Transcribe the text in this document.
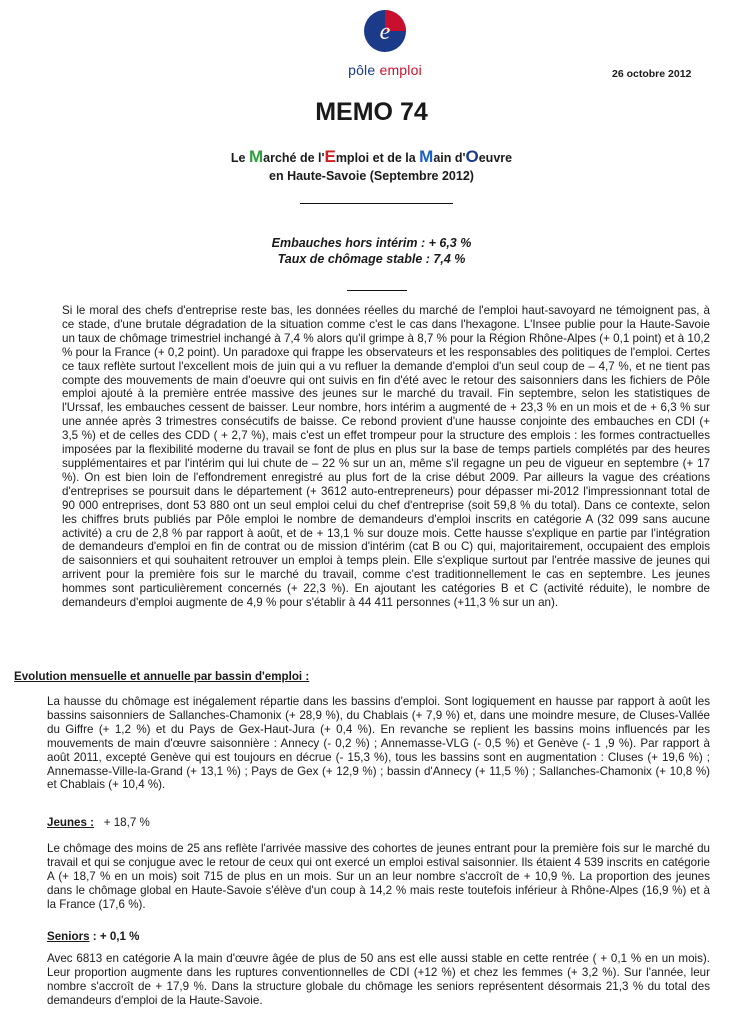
e
pôle emploi	26 octobre 2012
MEMO 74
Le Marché de l'Emploi et de la Main d'Oeuvre
en Haute-Savoie (Septembre 2012)
Embauches hors intérim : + 6,3 %
Taux de chômage stable : 7,4 %

Si le moral des chefs d'entreprise reste bas, les données réelles du marché de l'emploi haut-savoyard ne témoignent pas, à ce stade, d'une brutale dégradation de la situation comme c'est le cas dans l'hexagone. L'Insee publie pour la Haute-Savoie un taux de chômage trimestriel inchangé à 7,4 % alors qu'il grimpe à 8,7 % pour la Région Rhône-Alpes (+ 0,1 point) et à 10,2 % pour la France (+ 0,2 point). Un paradoxe qui frappe les observateurs et les responsables des politiques de l'emploi. Certes ce taux reflète surtout l'excellent mois de juin qui a vu refluer la demande d'emploi d'un seul coup de – 4,7 %, et ne tient pas compte des mouvements de main d'oeuvre qui ont suivis en fin d'été avec le retour des saisonniers dans les fichiers de Pôle emploi ajouté à la première entrée massive des jeunes sur le marché du travail. Fin septembre, selon les statistiques de l'Urssaf, les embauches cessent de baisser. Leur nombre, hors intérim a augmenté de + 23,3 % en un mois et de + 6,3 % sur une année après 3 trimestres consécutifs de baisse. Ce rebond provient d'une hausse conjointe des embauches en CDI (+ 3,5 %) et de celles des CDD ( + 2,7 %), mais c'est un effet trompeur pour la structure des emplois : les formes contractuelles imposées par la flexibilité moderne du travail se font de plus en plus sur la base de temps partiels complétés par des heures supplémentaires et par l'intérim qui lui chute de – 22 % sur un an, même s'il regagne un peu de vigueur en septembre (+ 17 %). On est bien loin de l'effondrement enregistré au plus fort de la crise début 2009. Par ailleurs la vague des créations d'entreprises se poursuit dans le département (+ 3612 auto-entrepreneurs) pour dépasser mi-2012 l'impressionnant total de 90 000 entreprises, dont 53 880 ont un seul emploi celui du chef d'entreprise (soit 59,8 % du total). Dans ce contexte, selon les chiffres bruts publiés par Pôle emploi le nombre de demandeurs d'emploi inscrits en catégorie A (32 099 sans aucune activité) a cru de 2,8 % par rapport à août, et de + 13,1 % sur douze mois. Cette hausse s'explique en partie par l'intégration de demandeurs d'emploi en fin de contrat ou de mission d'intérim (cat B ou C) qui, majoritairement, occupaient des emplois de saisonniers et qui souhaitent retrouver un emploi à temps plein. Elle s'explique surtout par l'entrée massive de jeunes qui arrivent pour la première fois sur le marché du travail, comme c'est traditionnellement le cas en septembre. Les jeunes hommes sont particulièrement concernés (+ 22,3 %). En ajoutant les catégories B et C (activité réduite), le nombre de demandeurs d'emploi augmente de 4,9 % pour s'établir à 44 411 personnes (+11,3 % sur un an).

Evolution mensuelle et annuelle par bassin d'emploi :

La hausse du chômage est inégalement répartie dans les bassins d'emploi. Sont logiquement en hausse par rapport à août les bassins saisonniers de Sallanches-Chamonix (+ 28,9 %), du Chablais (+ 7,9 %) et, dans une moindre mesure, de Cluses-Vallée du Giffre (+ 1,2 %) et du Pays de Gex-Haut-Jura (+ 0,4 %). En revanche se replient les bassins moins influencés par les mouvements de main d'œuvre saisonnière : Annecy (- 0,2 %) ; Annemasse-VLG (- 0,5 %) et Genève (- 1 ,9 %). Par rapport à août 2011, excepté Genève qui est toujours en décrue (- 15,3 %), tous les bassins sont en augmentation : Cluses (+ 19,6 %) ; Annemasse-Ville-la-Grand (+ 13,1 %) ; Pays de Gex (+ 12,9 %) ; bassin d'Annecy (+ 11,5 %) ; Sallanches-Chamonix (+ 10,8 %) et Chablais (+ 10,4 %).

Jeunes :   + 18,7 %

Le chômage des moins de 25 ans reflète l'arrivée massive des cohortes de jeunes entrant pour la première fois sur le marché du travail et qui se conjugue avec le retour de ceux qui ont exercé un emploi estival saisonnier. Ils étaient 4 539 inscrits en catégorie A (+ 18,7 % en un mois) soit 715 de plus en un mois. Sur un an leur nombre s'accroît de + 10,9 %. La proportion des jeunes dans le chômage global en Haute-Savoie s'élève d'un coup à 14,2 % mais reste toutefois inférieur à Rhône-Alpes (16,9 %) et à la France (17,6 %).

Seniors : + 0,1 %

Avec 6813 en catégorie A la main d'œuvre âgée de plus de 50 ans est elle aussi stable en cette rentrée ( + 0,1 % en un mois). Leur proportion augmente dans les ruptures conventionnelles de CDI (+12 %) et chez les femmes (+ 3,2 %). Sur l'année, leur nombre s'accroît de + 17,9 %. Dans la structure globale du chômage les seniors représentent désormais 21,3 % du total des demandeurs d'emploi de la Haute-Savoie.
